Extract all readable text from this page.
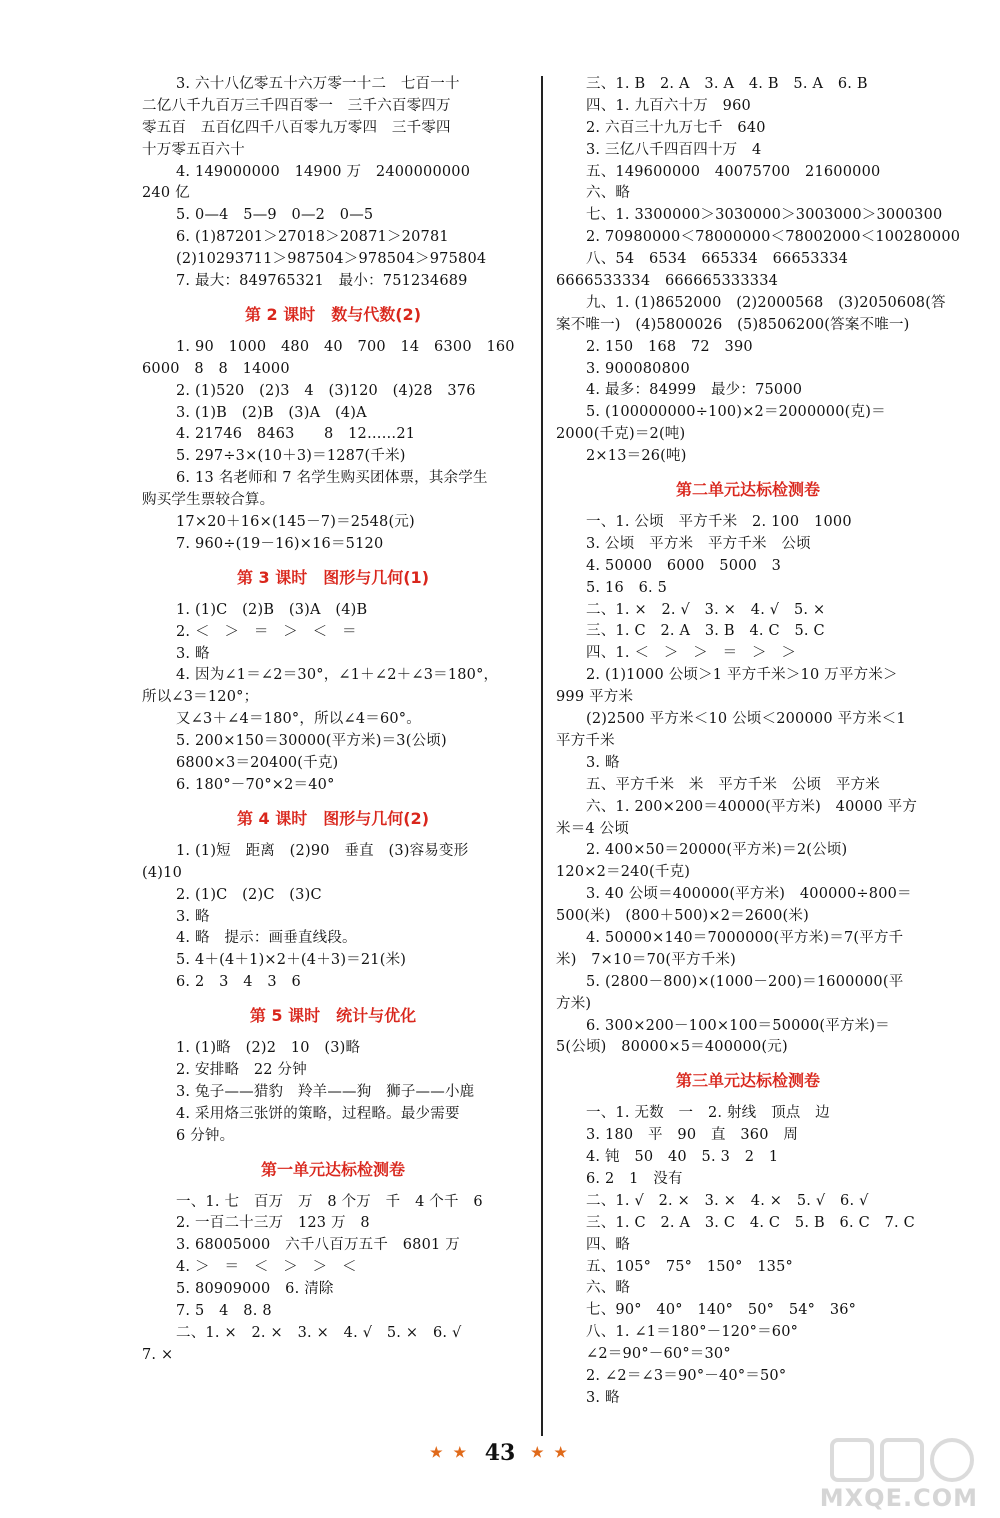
3. 六十八亿零五十六万零一十二　七百一十
二亿八千九百万三千四百零一　三千六百零四万
零五百　五百亿四千八百零九万零四　三千零四
十万零五百六十
4. 149000000　14900 万　2400000000
240 亿
5. 0—4　5—9　0—2　0—5
6. (1)87201＞27018＞20871＞20781
(2)10293711＞987504＞978504＞975804
7. 最大：849765321　最小：751234689
第 2 课时　数与代数(2)
1. 90　1000　480　40　700　14　6300　160
6000　8　8　14000
2. (1)520　(2)3　4　(3)120　(4)28　376
3. (1)B　(2)B　(3)A　(4)A
4. 21746　8463　　8　12……21
5. 297÷3×(10＋3)＝1287(千米)
6. 13 名老师和 7 名学生购买团体票，其余学生
购买学生票较合算。
17×20＋16×(145－7)＝2548(元)
7. 960÷(19－16)×16＝5120
第 3 课时　图形与几何(1)
1. (1)C　(2)B　(3)A　(4)B
2. ＜　＞　＝　＞　＜　＝
3. 略
4. 因为∠1＝∠2＝30°，∠1＋∠2＋∠3＝180°，
所以∠3＝120°；
又∠3＋∠4＝180°，所以∠4＝60°。
5. 200×150＝30000(平方米)＝3(公顷)
6800×3＝20400(千克)
6. 180°－70°×2＝40°
第 4 课时　图形与几何(2)
1. (1)短　距离　(2)90　垂直　(3)容易变形
(4)10
2. (1)C　(2)C　(3)C
3. 略
4. 略　提示：画垂直线段。
5. 4＋(4＋1)×2＋(4＋3)＝21(米)
6. 2　3　4　3　6
第 5 课时　统计与优化
1. (1)略　(2)2　10　(3)略
2. 安排略　22 分钟
3. 兔子——猎豹　羚羊——狗　狮子——小鹿
4. 采用烙三张饼的策略，过程略。最少需要
6 分钟。
第一单元达标检测卷
一、1. 七　百万　万　8 个万　千　4 个千　6
2. 一百二十三万　123 万　8
3. 68005000　六千八百万五千　6801 万
4. ＞　＝　＜　＞　＞　＜
5. 80909000　6. 清除
7. 5　4　8. 8
二、1. ×　2. ×　3. ×　4. √　5. ×　6. √
7. ×
三、1. B　2. A　3. A　4. B　5. A　6. B
四、1. 九百六十万　960
2. 六百三十九万七千　640
3. 三亿八千四百四十万　4
五、149600000　40075700　21600000
六、略
七、1. 3300000＞3030000＞3003000＞3000300
2. 70980000＜78000000＜78002000＜100280000
八、54　6534　665334　66653334
6666533334　666665333334
九、1. (1)8652000　(2)2000568　(3)2050608(答
案不唯一)　(4)5800026　(5)8506200(答案不唯一)
2. 150　168　72　390
3. 900080800
4. 最多：84999　最少：75000
5. (100000000÷100)×2＝2000000(克)＝
2000(千克)＝2(吨)
2×13＝26(吨)
第二单元达标检测卷
一、1. 公顷　平方千米　2. 100　1000
3. 公顷　平方米　平方千米　公顷
4. 50000　6000　5000　3
5. 16　6. 5
二、1. ×　2. √　3. ×　4. √　5. ×
三、1. C　2. A　3. B　4. C　5. C
四、1. ＜　＞　＞　＝　＞　＞
2. (1)1000 公顷＞1 平方千米＞10 万平方米＞
999 平方米
(2)2500 平方米＜10 公顷＜200000 平方米＜1
平方千米
3. 略
五、平方千米　米　平方千米　公顷　平方米
六、1. 200×200＝40000(平方米)　40000 平方
米＝4 公顷
2. 400×50＝20000(平方米)＝2(公顷)
120×2＝240(千克)
3. 40 公顷＝400000(平方米)　400000÷800＝
500(米)　(800＋500)×2＝2600(米)
4. 50000×140＝7000000(平方米)＝7(平方千
米)　7×10＝70(平方千米)
5. (2800－800)×(1000－200)＝1600000(平
方米)
6. 300×200－100×100＝50000(平方米)＝
5(公顷)　80000×5＝400000(元)
第三单元达标检测卷
一、1. 无数　一　2. 射线　顶点　边
3. 180　平　90　直　360　周
4. 钝　50　40　5. 3　2　1
6. 2　1　没有
二、1. √　2. ×　3. ×　4. ×　5. √　6. √
三、1. C　2. A　3. C　4. C　5. B　6. C　7. C
四、略
五、105°　75°　150°　135°
六、略
七、90°　40°　140°　50°　54°　36°
八、1. ∠1＝180°－120°＝60°
∠2＝90°－60°＝30°
2. ∠2＝∠3＝90°－40°＝50°
3. 略
★ ★ 43 ★ ★
MXQE.COM
